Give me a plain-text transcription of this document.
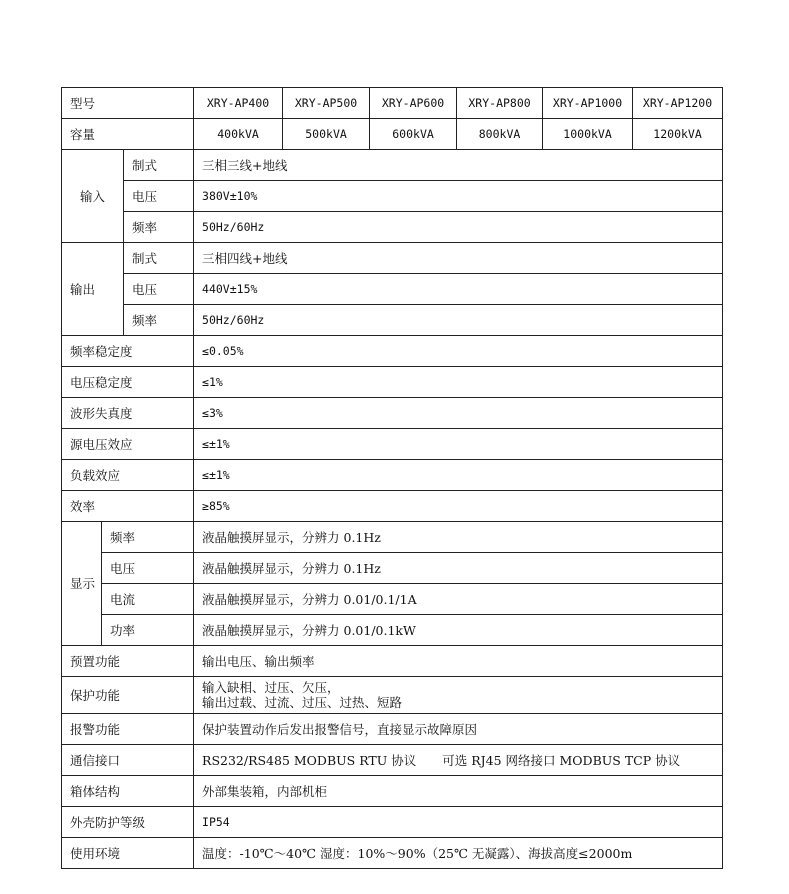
型号			XRY-AP400	XRY-AP500	XRY-AP600	XRY-AP800	XRY-AP1000	XRY-AP1200
容量			400kVA	500kVA	600kVA	800kVA	1000kVA	1200kVA
输入		制式	三相三线+地线					
		电压	380V±10%					
		频率	50Hz/60Hz					
输出		制式	三相四线+地线					
		电压	440V±15%					
		频率	50Hz/60Hz					
频率稳定度			≤0.05%					
电压稳定度			≤1%					
波形失真度			≤3%					
源电压效应			≤±1%					
负载效应			≤±1%					
效率			≥85%					
显示	频率		液晶触摸屏显示，分辨力 0.1Hz					
	电压		液晶触摸屏显示，分辨力 0.1Hz					
	电流		液晶触摸屏显示，分辨力 0.01/0.1/1A					
	功率		液晶触摸屏显示，分辨力 0.01/0.1kW					
预置功能			输出电压、输出频率					
保护功能			输入缺相、过压、欠压，
输出过载、过流、过压、过热、短路					

报警功能			保护装置动作后发出报警信号，直接显示故障原因					
通信接口			RS232/RS485 MODBUS RTU 协议 可选 RJ45 网络接口 MODBUS TCP 协议					
箱体结构			外部集装箱，内部机柜					
外壳防护等级			IP54					
使用环境			温度：-10℃～40℃ 湿度：10%～90%（25℃ 无凝露）、海拔高度≤2000m					
